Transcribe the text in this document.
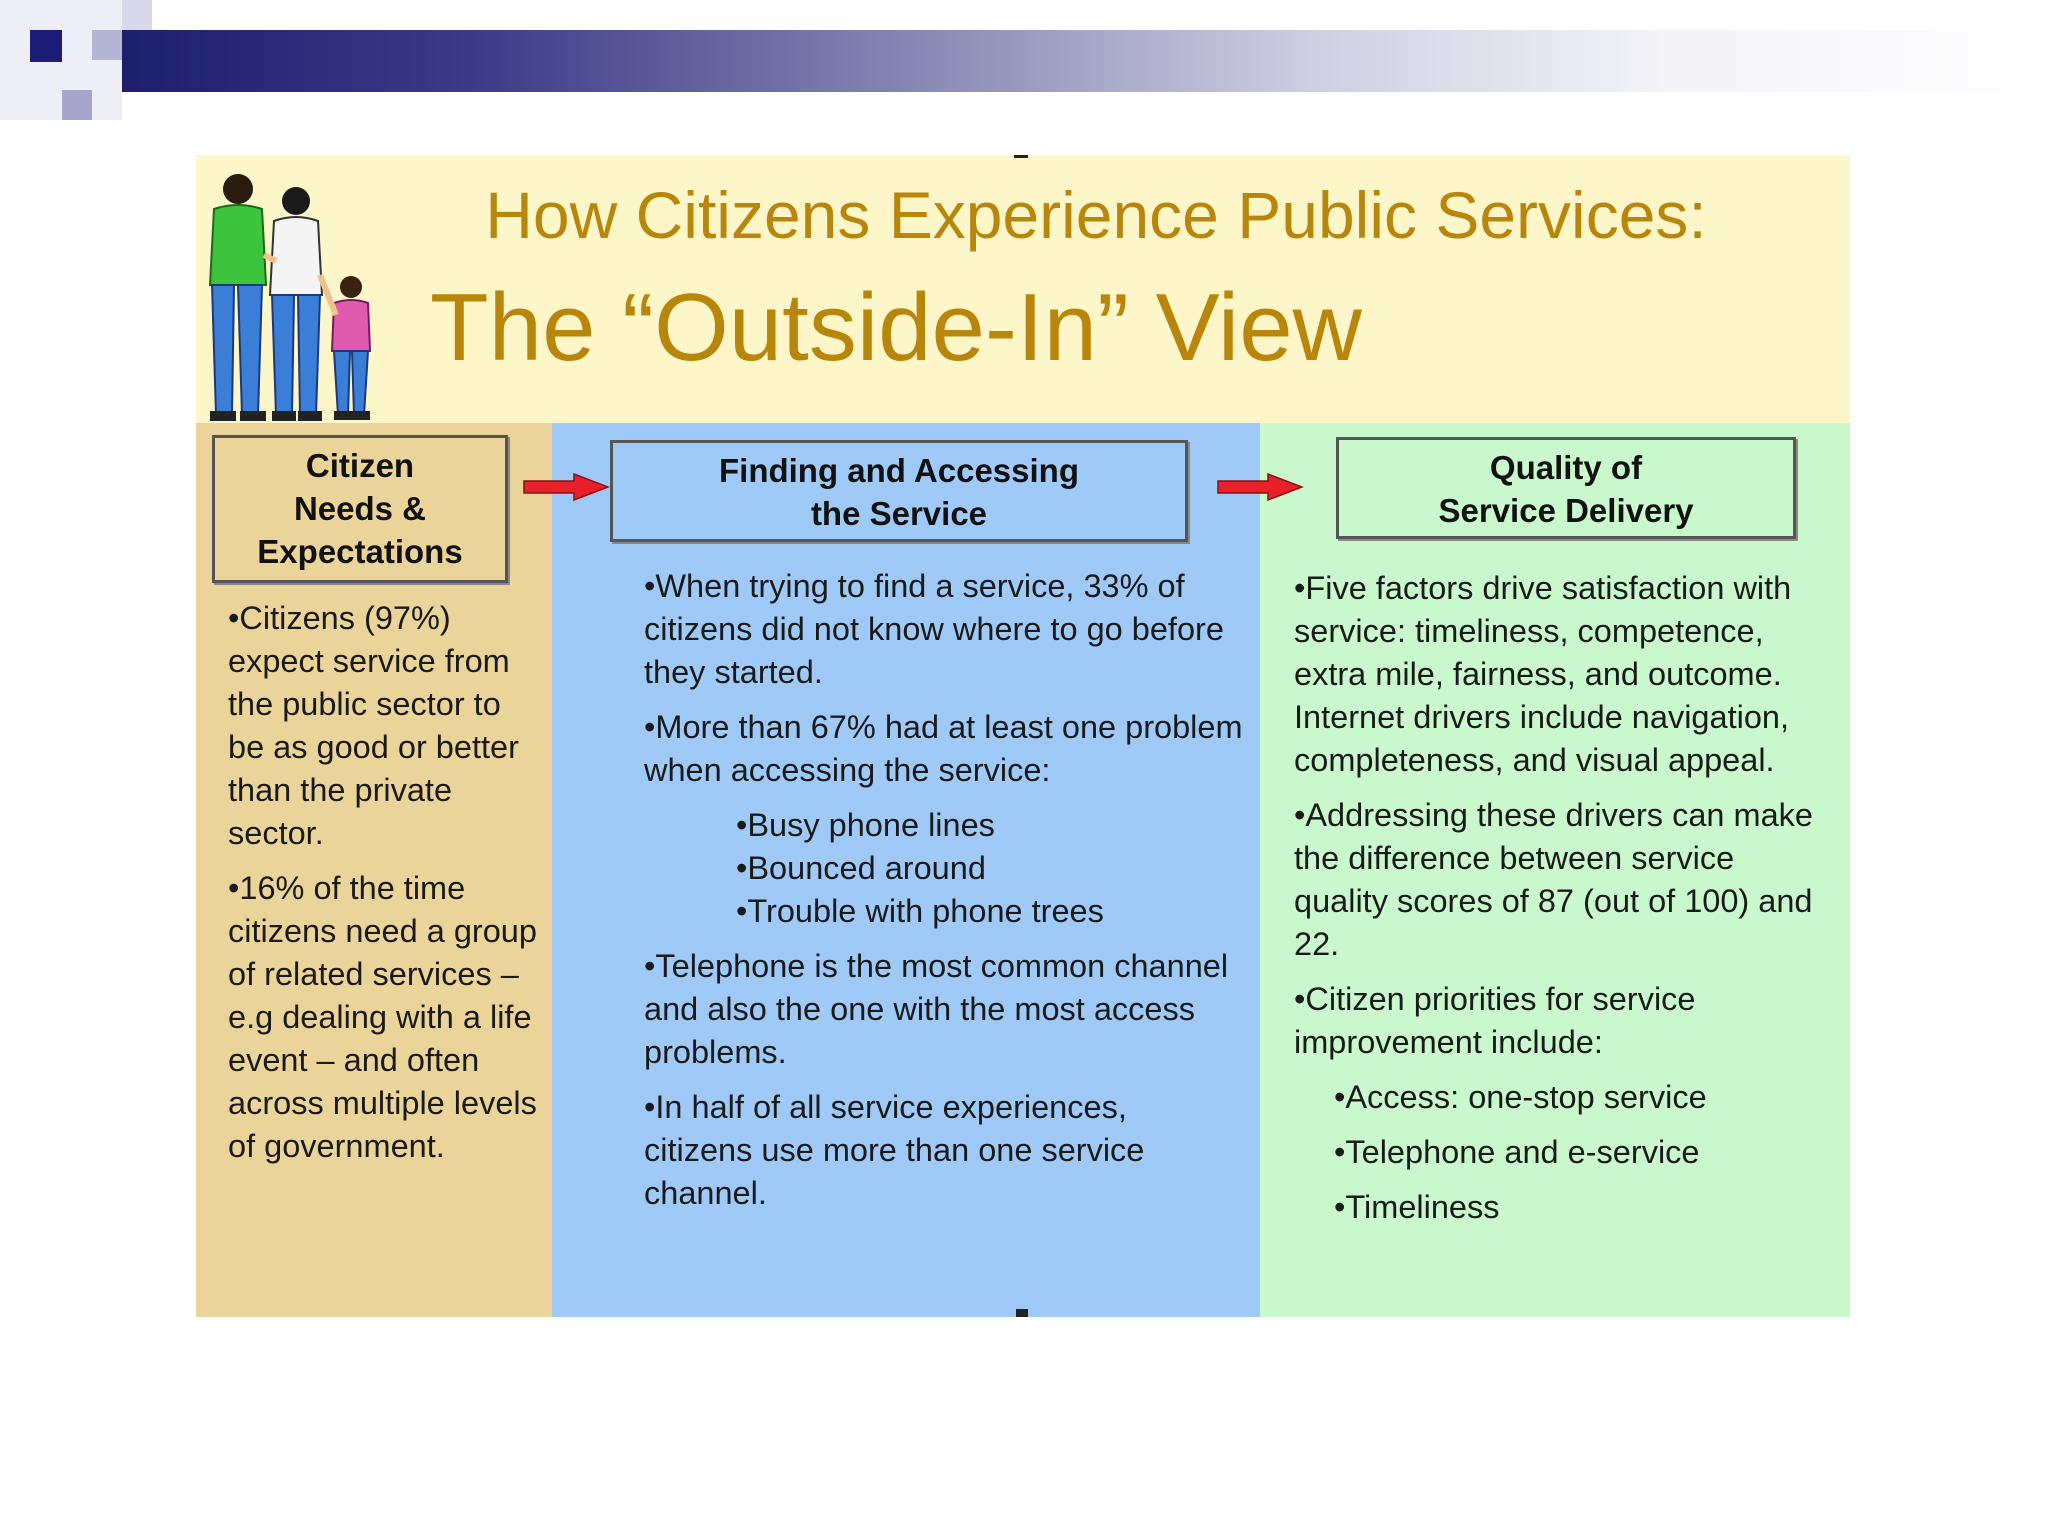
How Citizens Experience Public Services:
The “Outside-In” View
Citizen
Needs &
Expectations
Finding and Accessing
the Service
Quality of
Service Delivery

•Citizens (97%) expect service from the public sector to be as good or better than the private sector.

•16% of the time citizens need a group of related services – e.g dealing with a life event – and often across multiple levels of government.

•When trying to find a service, 33% of citizens did not know where to go before they started.

•More than 67% had at least one problem when accessing the service:

•Busy phone lines
•Bounced around
•Trouble with phone trees

•Telephone is the most common channel and also the one with the most access problems.

•In half of all service experiences, citizens use more than one service channel.

•Five factors drive satisfaction with service: timeliness, competence, extra mile, fairness, and outcome. Internet drivers include navigation, completeness, and visual appeal.

•Addressing these drivers can make the difference between service quality scores of 87 (out of 100) and 22.

•Citizen priorities for service improvement include:

•Access: one-stop service

•Telephone and e-service

•Timeliness
